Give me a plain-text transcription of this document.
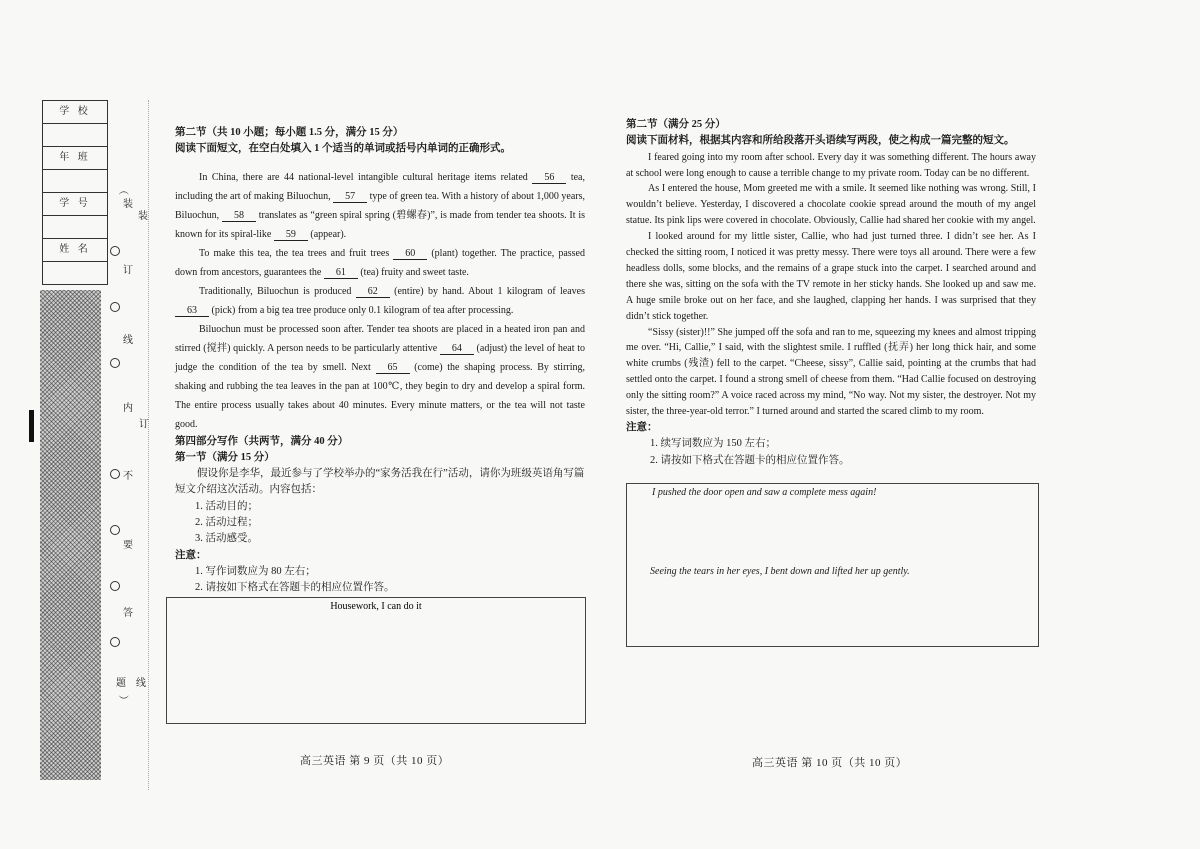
学 校
年 班
学 号
姓 名
（
装
订
线
内
不
要
答
题
）
装
订
线
第二节（共 10 小题；每小题 1.5 分，满分 15 分）
阅读下面短文，在空白处填入 1 个适当的单词或括号内单词的正确形式。

In China, there are 44 national-level intangible cultural heritage items related 56 tea, including the art of making Biluochun, 57 type of green tea. With a history of about 1,000 years, Biluochun, 58 translates as “green spiral spring (碧螺春)”, is made from tender tea shoots. It is known for its spiral-like 59 (appear).

To make this tea, the tea trees and fruit trees 60 (plant) together. The practice, passed down from ancestors, guarantees the 61 (tea) fruity and sweet taste.

Traditionally, Biluochun is produced 62 (entire) by hand. About 1 kilogram of leaves 63 (pick) from a big tea tree produce only 0.1 kilogram of tea after processing.

Biluochun must be processed soon after. Tender tea shoots are placed in a heated iron pan and stirred (搅拌) quickly. A person needs to be particularly attentive 64 (adjust) the level of heat to judge the condition of the tea by smell. Next 65 (come) the shaping process. By stirring, shaking and rubbing the tea leaves in the pan at 100℃, they begin to dry and develop a spiral form. The entire process usually takes about 40 minutes. Every minute matters, or the tea will not taste good.

第四部分写作（共两节，满分 40 分）
第一节（满分 15 分）
假设你是李华，最近参与了学校举办的“家务活我在行”活动，请你为班级英语角写篇短文介绍这次活动。内容包括：
1. 活动目的；
2. 活动过程；
3. 活动感受。
注意：
1. 写作词数应为 80 左右；
2. 请按如下格式在答题卡的相应位置作答。
Housework, I can do it
高三英语 第 9 页（共 10 页）
第二节（满分 25 分）
阅读下面材料，根据其内容和所给段落开头语续写两段，使之构成一篇完整的短文。

I feared going into my room after school. Every day it was something different. The hours away at school were long enough to cause a terrible change to my private room. Today can be no different.

As I entered the house, Mom greeted me with a smile. It seemed like nothing was wrong. Still, I wouldn’t believe. Yesterday, I discovered a chocolate cookie spread around the mouth of my angel statue. Its pink lips were covered in chocolate. Obviously, Callie had shared her cookie with my angel.

I looked around for my little sister, Callie, who had just turned three. I didn’t see her. As I checked the sitting room, I noticed it was pretty messy. There were toys all around. There were a few headless dolls, some blocks, and the remains of a grape stuck into the carpet. I searched around and there she was, sitting on the sofa with the TV remote in her sticky hands. She looked up and saw me. A huge smile broke out on her face, and she laughed, clapping her hands. I was surprised that they didn’t stick together.

“Sissy (sister)!!” She jumped off the sofa and ran to me, squeezing my knees and almost tripping me over. “Hi, Callie,” I said, with the slightest smile. I ruffled (抚弄) her long thick hair, and some white crumbs (残渣) fell to the carpet. “Cheese, sissy”, Callie said, pointing at the crumbs that had settled onto the carpet. I found a strong smell of cheese from them. “Had Callie focused on destroying only the sitting room?” A voice raced across my mind, “No way. Not my sister, the destroyer. Not my sister, the three-year-old terror.” I turned around and started the scared climb to my room.

注意：
1. 续写词数应为 150 左右；
2. 请按如下格式在答题卡的相应位置作答。
I pushed the door open and saw a complete mess again!
Seeing the tears in her eyes, I bent down and lifted her up gently.
高三英语 第 10 页（共 10 页）
